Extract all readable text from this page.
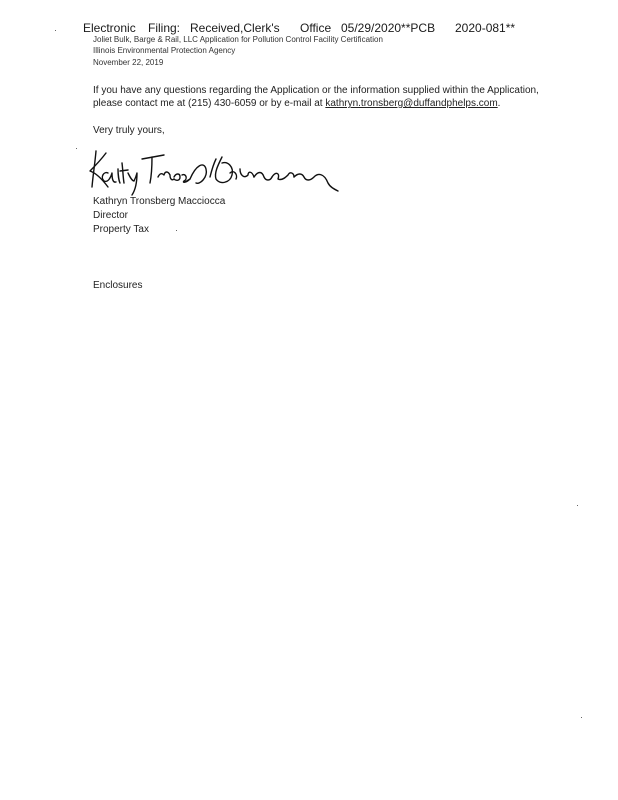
Electronic Filing: Received,Clerk's Office 05/29/2020**PCB 2020-081**
Joliet Bulk, Barge & Rail, LLC Application for Pollution Control Facility Certification
Illinois Environmental Protection Agency
November 22, 2019
If you have any questions regarding the Application or the information supplied within the Application, please contact me at (215) 430-6059 or by e-mail at kathryn.tronsberg@duffandphelps.com.
Very truly yours,
Kathryn Tronsberg Macciocca
Director
Property Tax
Enclosures
